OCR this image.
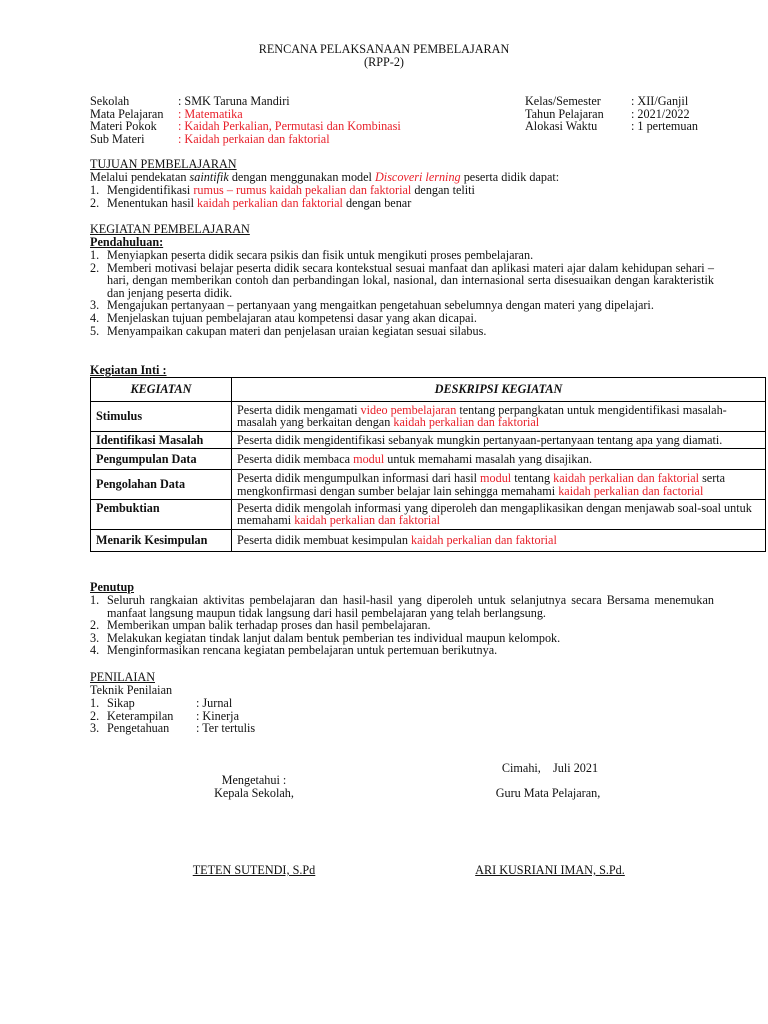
RENCANA PELAKSANAAN PEMBELAJARAN
(RPP-2)
Sekolah	: SMK Taruna Mandiri	Kelas/Semester	: XII/Ganjil
Mata Pelajaran	: Matematika	Tahun Pelajaran	: 2021/2022
Materi Pokok	: Kaidah Perkalian, Permutasi dan Kombinasi	Alokasi Waktu	: 1 pertemuan
Sub Materi	: Kaidah perkaian dan faktorial		
TUJUAN PEMBELAJARAN
Melalui pendekatan saintifik dengan menggunakan model Discoveri lerning peserta didik dapat:
1. Mengidentifikasi rumus – rumus kaidah pekalian dan faktorial dengan teliti
2. Menentukan hasil kaidah perkalian dan faktorial dengan benar
KEGIATAN PEMBELAJARAN
Pendahuluan:
1. Menyiapkan peserta didik secara psikis dan fisik untuk mengikuti proses pembelajaran.
2. Memberi motivasi belajar peserta didik secara kontekstual sesuai manfaat dan aplikasi materi ajar dalam kehidupan sehari – hari, dengan memberikan contoh dan perbandingan lokal, nasional, dan internasional serta disesuaikan dengan karakteristik dan jenjang peserta didik.
3. Mengajukan pertanyaan – pertanyaan yang mengaitkan pengetahuan sebelumnya dengan materi yang dipelajari.
4. Menjelaskan tujuan pembelajaran atau kompetensi dasar yang akan dicapai.
5. Menyampaikan cakupan materi dan penjelasan uraian kegiatan sesuai silabus.
Kegiatan Inti :
KEGIATAN	DESKRIPSI KEGIATAN
Stimulus	Peserta didik mengamati video pembelajaran tentang perpangkatan untuk mengidentifikasi masalah-masalah yang berkaitan dengan kaidah perkalian dan faktorial
Identifikasi Masalah	Peserta didik mengidentifikasi sebanyak mungkin pertanyaan-pertanyaan tentang apa yang diamati.
Pengumpulan Data	Peserta didik membaca modul untuk memahami masalah yang disajikan.
Pengolahan Data	Peserta didik mengumpulkan informasi dari hasil modul tentang kaidah perkalian dan faktorial serta mengkonfirmasi dengan sumber belajar lain sehingga memahami kaidah perkalian dan factorial
Pembuktian	Peserta didik mengolah informasi yang diperoleh dan mengaplikasikan dengan menjawab soal-soal untuk memahami kaidah perkalian dan faktorial
Menarik Kesimpulan	Peserta didik membuat kesimpulan kaidah perkalian dan faktorial
Penutup
1. Seluruh rangkaian aktivitas pembelajaran dan hasil-hasil yang diperoleh untuk selanjutnya secara Bersama menemukan manfaat langsung maupun tidak langsung dari hasil pembelajaran yang telah berlangsung.
2. Memberikan umpan balik terhadap proses dan hasil pembelajaran.
3. Melakukan kegiatan tindak lanjut dalam bentuk pemberian tes individual maupun kelompok.
4. Menginformasikan rencana kegiatan pembelajaran untuk pertemuan berikutnya.
PENILAIAN
Teknik Penilaian
1. Sikap	: Jurnal
2. Keterampilan : Kinerja
3. Pengetahuan : Ter tertulis
Cimahi,    Juli 2021
Mengetahui :
Kepala Sekolah,	Guru Mata Pelajaran,
TETEN SUTENDI, S.Pd	ARI KUSRIANI IMAN, S.Pd.
